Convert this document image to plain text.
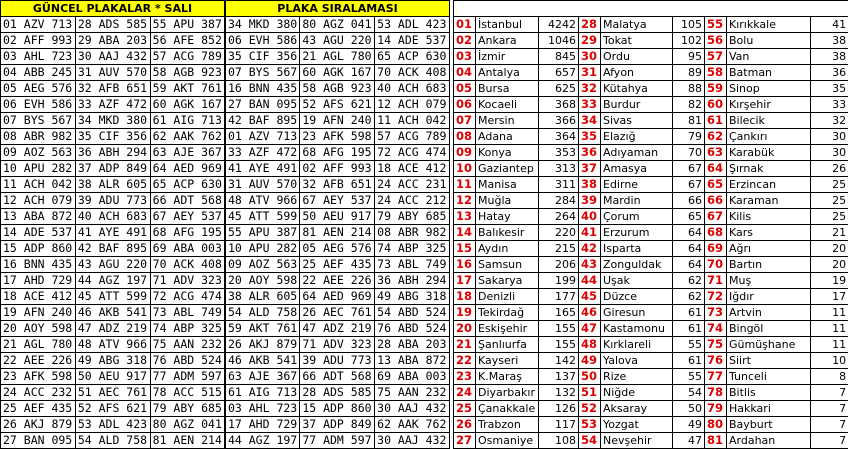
GÜNCEL PLAKALAR * SALI			PLAKA SIRALAMASI		
01 AZV 713	28 ADS 585	55 APU 387	34 MKD 380	80 AGZ 041	53 ADL 423
02 AFF 993	29 ABA 203	56 AFE 852	06 EVH 586	43 AGU 220	14 ADE 537
03 AHL 723	30 AAJ 432	57 ACG 789	35 CIF 356	21 AGL 780	65 ACP 630
04 ABB 245	31 AUV 570	58 AGB 923	07 BYS 567	60 AGK 167	70 ACK 408
05 AEG 576	32 AFB 651	59 AKT 761	16 BNN 435	58 AGB 923	40 ACH 683
06 EVH 586	33 AZF 472	60 AGK 167	27 BAN 095	52 AFS 621	12 ACH 079
07 BYS 567	34 MKD 380	61 AIG 713	42 BAF 895	19 AFN 240	11 ACH 042
08 ABR 982	35 CIF 356	62 AAK 762	01 AZV 713	23 AFK 598	57 ACG 789
09 AOZ 563	36 ABH 294	63 AJE 367	33 AZF 472	68 AFG 195	72 ACG 474
10 APU 282	37 ADP 849	64 AED 969	41 AYE 491	02 AFF 993	18 ACE 412
11 ACH 042	38 ALR 605	65 ACP 630	31 AUV 570	32 AFB 651	24 ACC 231
12 ACH 079	39 ADU 773	66 ADT 568	48 ATV 966	67 AEY 537	24 ACC 212
13 ABA 872	40 ACH 683	67 AEY 537	45 ATT 599	50 AEU 917	79 ABY 685
14 ADE 537	41 AYE 491	68 AFG 195	55 APU 387	81 AEN 214	08 ABR 982
15 ADP 860	42 BAF 895	69 ABA 003	10 APU 282	05 AEG 576	74 ABP 325
16 BNN 435	43 AGU 220	70 ACK 408	09 AOZ 563	25 AEF 435	73 ABL 749
17 AHD 729	44 AGZ 197	71 ADV 323	20 AOY 598	22 AEE 226	36 ABH 294
18 ACE 412	45 ATT 599	72 ACG 474	38 ALR 605	64 AED 969	49 ABG 318
19 AFN 240	46 AKB 541	73 ABL 749	54 ALD 758	26 AEC 761	54 ABD 524
20 AOY 598	47 ADZ 219	74 ABP 325	59 AKT 761	47 ADZ 219	76 ABD 524
21 AGL 780	48 ATV 966	75 AAN 232	26 AKJ 879	71 ADV 323	28 ABA 203
22 AEE 226	49 ABG 318	76 ABD 524	46 AKB 541	39 ADU 773	13 ABA 872
23 AFK 598	50 AEU 917	77 ADM 597	63 AJE 367	66 ADT 568	69 ABA 003
24 ACC 232	51 AEC 761	78 ACC 515	61 AIG 713	28 ADS 585	75 AAN 232
25 AEF 435	52 AFS 621	79 ABY 685	03 AHL 723	15 ADP 860	30 AAJ 432
26 AKJ 879	53 ADL 423	80 AGZ 041	17 AHD 729	37 ADP 849	62 AAK 762
27 BAN 095	54 ALD 758	81 AEN 214	44 AGZ 197	77 ADM 597	30 AAJ 432

01	İstanbul	4242	28	Malatya	105	55	Kırıkkale	41
02	Ankara	1046	29	Tokat	102	56	Bolu	38
03	İzmir	845	30	Ordu	95	57	Van	38
04	Antalya	657	31	Afyon	89	58	Batman	36
05	Bursa	625	32	Kütahya	88	59	Sinop	35
06	Kocaeli	368	33	Burdur	82	60	Kırşehir	33
07	Mersin	366	34	Sivas	81	61	Bilecik	32
08	Adana	364	35	Elazığ	79	62	Çankırı	30
09	Konya	353	36	Adıyaman	70	63	Karabük	30
10	Gaziantep	313	37	Amasya	67	64	Şırnak	26
11	Manisa	311	38	Edirne	67	65	Erzincan	25
12	Muğla	284	39	Mardin	66	66	Karaman	25
13	Hatay	264	40	Çorum	65	67	Kilis	25
14	Balıkesir	220	41	Erzurum	64	68	Kars	21
15	Aydın	215	42	Isparta	64	69	Ağrı	20
16	Samsun	206	43	Zonguldak	64	70	Bartın	20
17	Sakarya	199	44	Uşak	62	71	Muş	19
18	Denizli	177	45	Düzce	62	72	Iğdır	17
19	Tekirdağ	165	46	Giresun	61	73	Artvin	11
20	Eskişehir	155	47	Kastamonu	61	74	Bingöl	11
21	Şanlıurfa	155	48	Kırklareli	55	75	Gümüşhane	11
22	Kayseri	142	49	Yalova	61	76	Siirt	10
23	K.Maraş	137	50	Rize	55	77	Tunceli	8
24	Diyarbakır	132	51	Niğde	54	78	Bitlis	7
25	Çanakkale	126	52	Aksaray	50	79	Hakkari	7
26	Trabzon	117	53	Yozgat	49	80	Bayburt	7
27	Osmaniye	108	54	Nevşehir	47	81	Ardahan	7
